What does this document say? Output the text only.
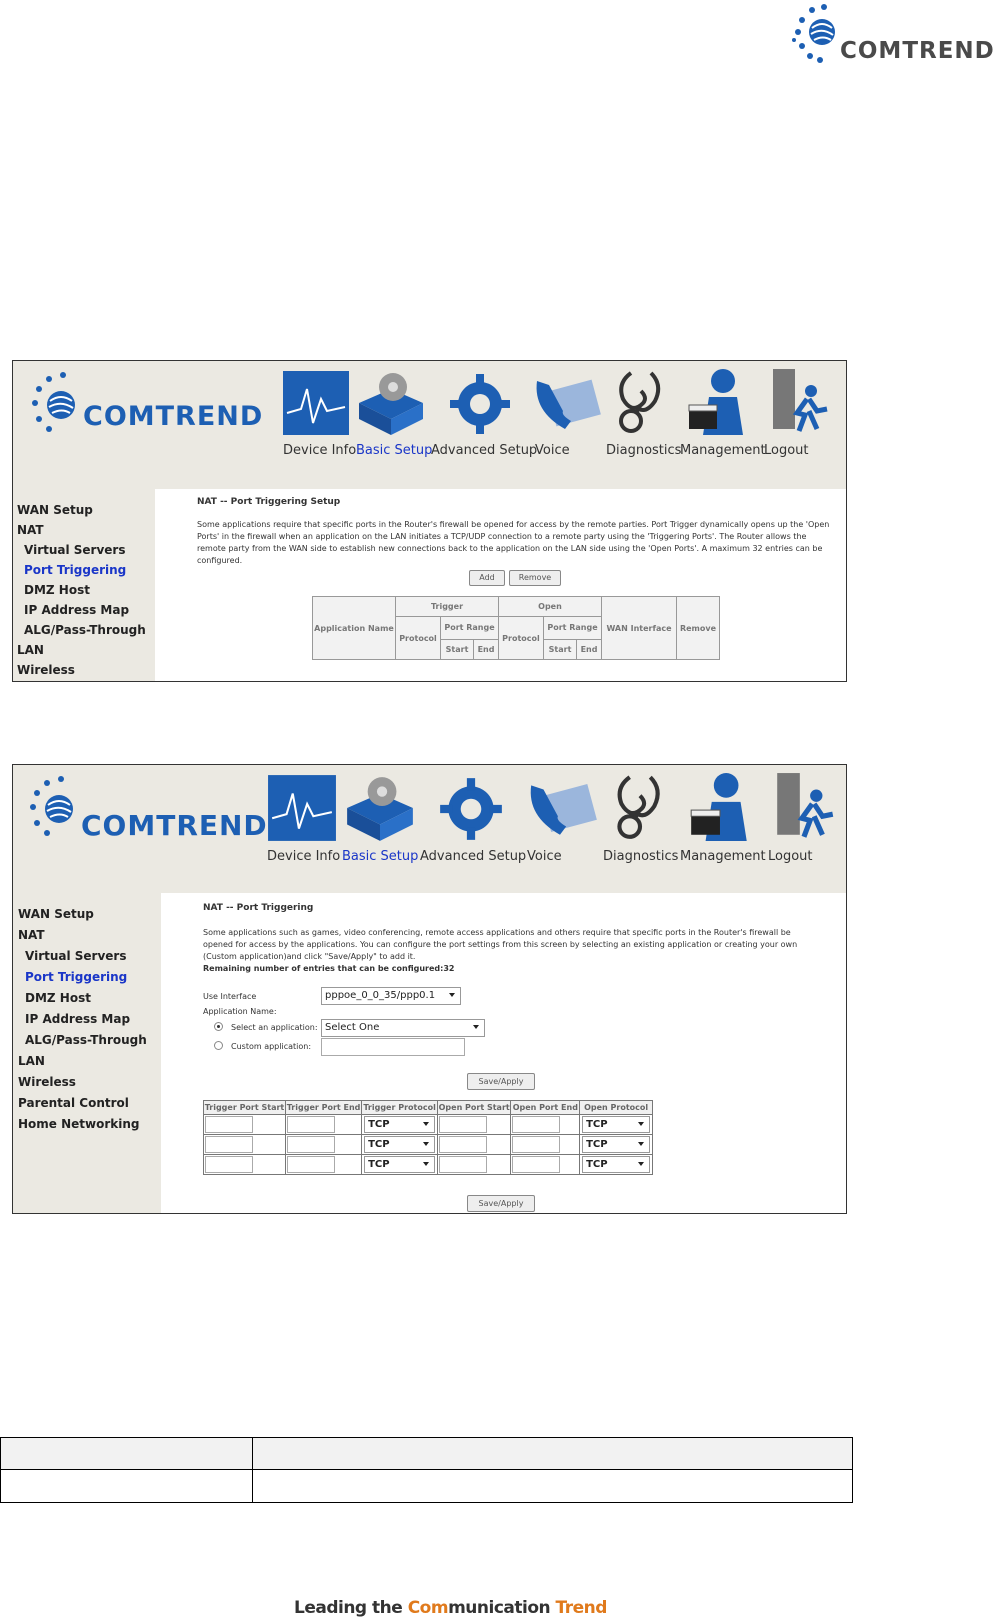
COMTREND
COMTREND
Device Info Basic Setup
Advanced Setup
Voice	Diagnostics
Management
Logout
WAN Setup
NAT
Virtual Servers
Port Triggering
DMZ Host
IP Address Map
ALG/Pass-Through
LAN
Wireless
NAT -- Port Triggering Setup
Some applications require that specific ports in the Router's firewall be opened for access by the remote parties. Port Trigger dynamically opens up the 'Open Ports' in the firewall when an application on the LAN initiates a TCP/UDP connection to a remote party using the 'Triggering Ports'. The Router allows the remote party from the WAN side to establish new connections back to the application on the LAN side using the 'Open Ports'. A maximum 32 entries can be configured.
Add	Remove
Application Name	Trigger			Open			WAN Interface	Remove
	Protocol	Port Range		Protocol	Port Range			
		Start	End		Start	End		
COMTREND
Device Info Basic Setup Advanced Setup Voice	Diagnostics Management Logout
WAN Setup
NAT
Virtual Servers
Port Triggering
DMZ Host
IP Address Map
ALG/Pass-Through
LAN
Wireless
Parental Control
Home Networking
NAT -- Port Triggering
Some applications such as games, video conferencing, remote access applications and others require that specific ports in the Router's firewall be opened for access by the applications. You can configure the port settings from this screen by selecting an existing application or creating your own (Custom application)and click "Save/Apply" to add it.
Remaining number of entries that can be configured:32
Use Interface	pppoe_0_0_35/ppp0.1
Application Name:
Select an application: Select One
Custom application:
Save/Apply
Trigger Port Start	Trigger Port End	Trigger Protocol	Open Port Start	Open Port End	Open Protocol

		TCP			TCP

		TCP			TCP

		TCP			TCP
Save/Apply

Leading the Communication Trend
